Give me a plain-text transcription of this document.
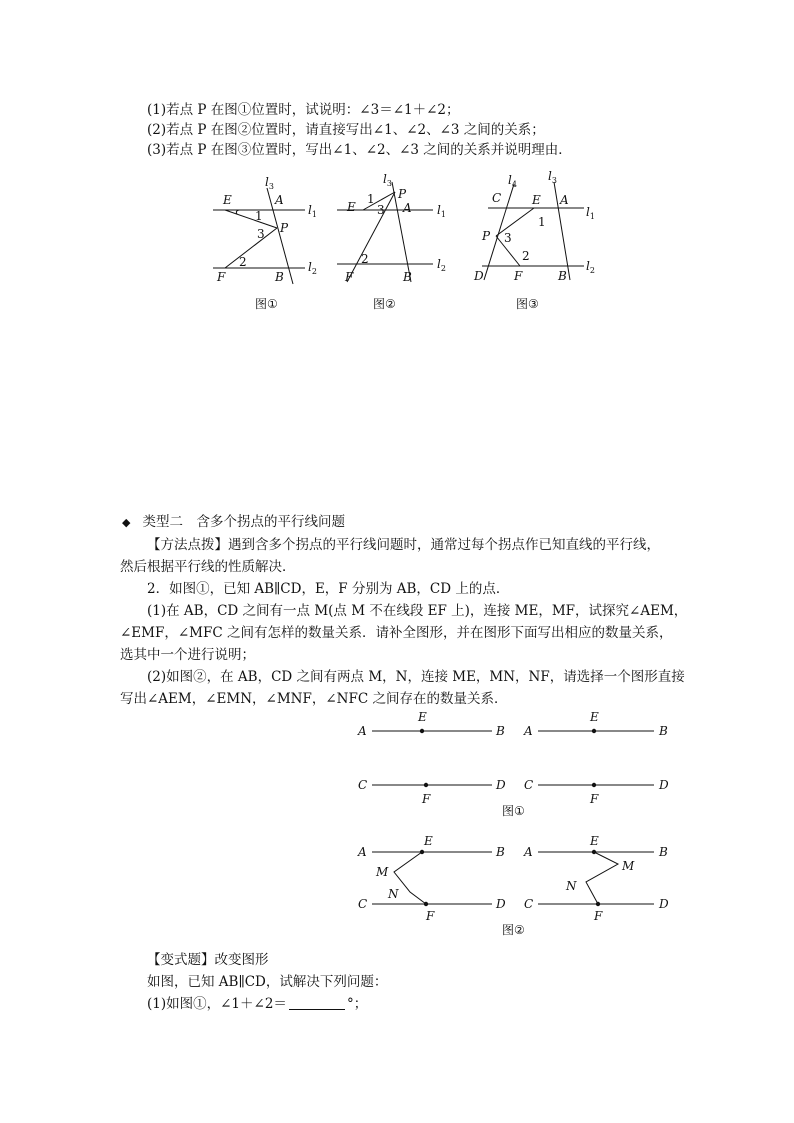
(1)若点 P 在图①位置时，试说明：∠3＝∠1＋∠2；
(2)若点 P 在图②位置时，请直接写出∠1、∠2、∠3 之间的关系；
(3)若点 P 在图③位置时，写出∠1、∠2、∠3 之间的关系并说明理由．
E	A
$l_3$
$l_1$
$l_2$
1
2
3 P
F	B
图①
$l_3$
P
1
3
E	A $l_1$
2	$l_2$
F	B
图②
$l_4$
$l_3$
C	E A
$l_1$
1
P 3
2
$l_2$
D	F	B
图③
◆ 类型二　含多个拐点的平行线问题
【方法点拨】遇到含多个拐点的平行线问题时，通常过每个拐点作已知直线的平行线，
然后根据平行线的性质解决．
2．如图①，已知 AB∥CD，E，F 分别为 AB，CD 上的点．
(1)在 AB，CD 之间有一点 M(点 M 不在线段 EF 上)，连接 ME，MF，试探究∠AEM，
∠EMF，∠MFC 之间有怎样的数量关系．请补全图形，并在图形下面写出相应的数量关系，
选其中一个进行说明；
(2)如图②，在 AB，CD 之间有两点 M，N，连接 ME，MN，NF，请选择一个图形直接
写出∠AEM，∠EMN，∠MNF，∠NFC 之间存在的数量关系．
A
E
B
C
F
D
A
E
B
C
F
D
图①
A
E
B
M
N
C
F
D
A
E
B
M
N
C
F
D
图②
【变式题】改变图形
如图，已知 AB∥CD，试解决下列问题：
(1)如图①，∠1＋∠2＝	°；
